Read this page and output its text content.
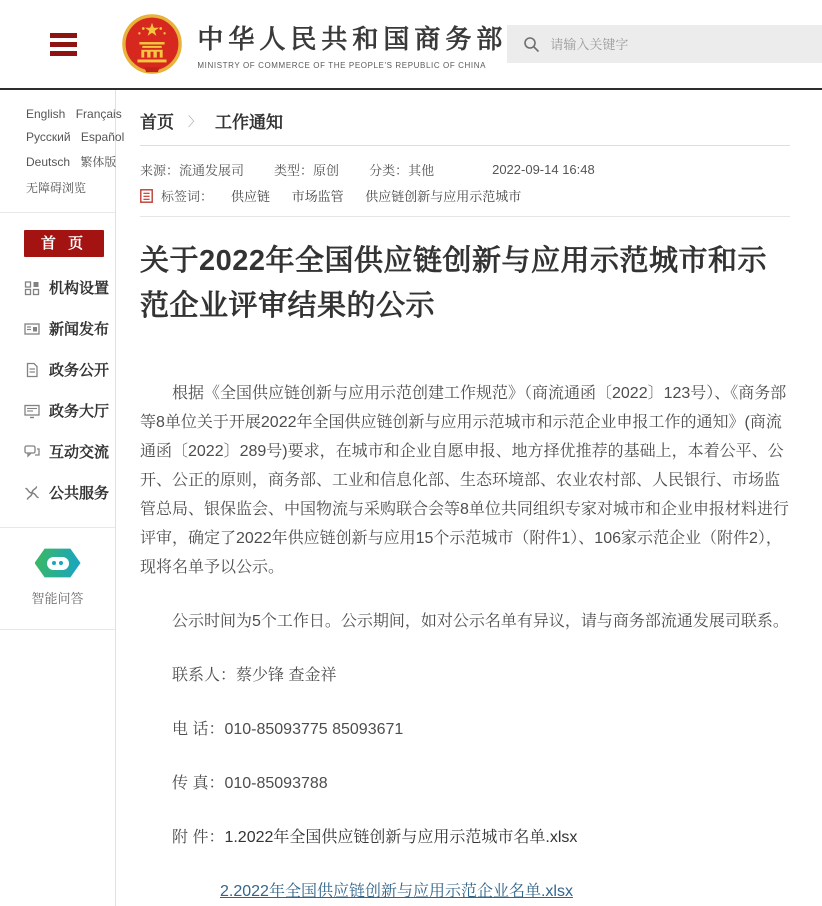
中华人民共和国商务部
MINISTRY OF COMMERCE OF THE PEOPLE'S REPUBLIC OF CHINA
请输入关键字
English Français
Русский Español
Deutsch 繁体版
无障碍浏览
首 页
机构设置
新闻发布
政务公开
政务大厅
互动交流
公共服务
智能问答
首页 〉 工作通知
来源：流通发展司 类型：原创 分类：其他	2022-09-14 16:48
标签词：	供应链 市场监管 供应链创新与应用示范城市
关于2022年全国供应链创新与应用示范城市和示范企业评审结果的公示

根据《全国供应链创新与应用示范创建工作规范》（商流通函〔2022〕123号）、《商务部等8单位关于开展2022年全国供应链创新与应用示范城市和示范企业申报工作的通知》(商流通函〔2022〕289号)要求，在城市和企业自愿申报、地方择优推荐的基础上，本着公平、公开、公正的原则，商务部、工业和信息化部、生态环境部、农业农村部、人民银行、市场监管总局、银保监会、中国物流与采购联合会等8单位共同组织专家对城市和企业申报材料进行评审，确定了2022年供应链创新与应用15个示范城市（附件1）、106家示范企业（附件2），现将名单予以公示。

公示时间为5个工作日。公示期间，如对公示名单有异议，请与商务部流通发展司联系。

联系人：蔡少锋 查金祥

电 话：010-85093775 85093671

传 真：010-85093788

附 件：1.2022年全国供应链创新与应用示范城市名单.xlsx

2.2022年全国供应链创新与应用示范企业名单.xlsx
